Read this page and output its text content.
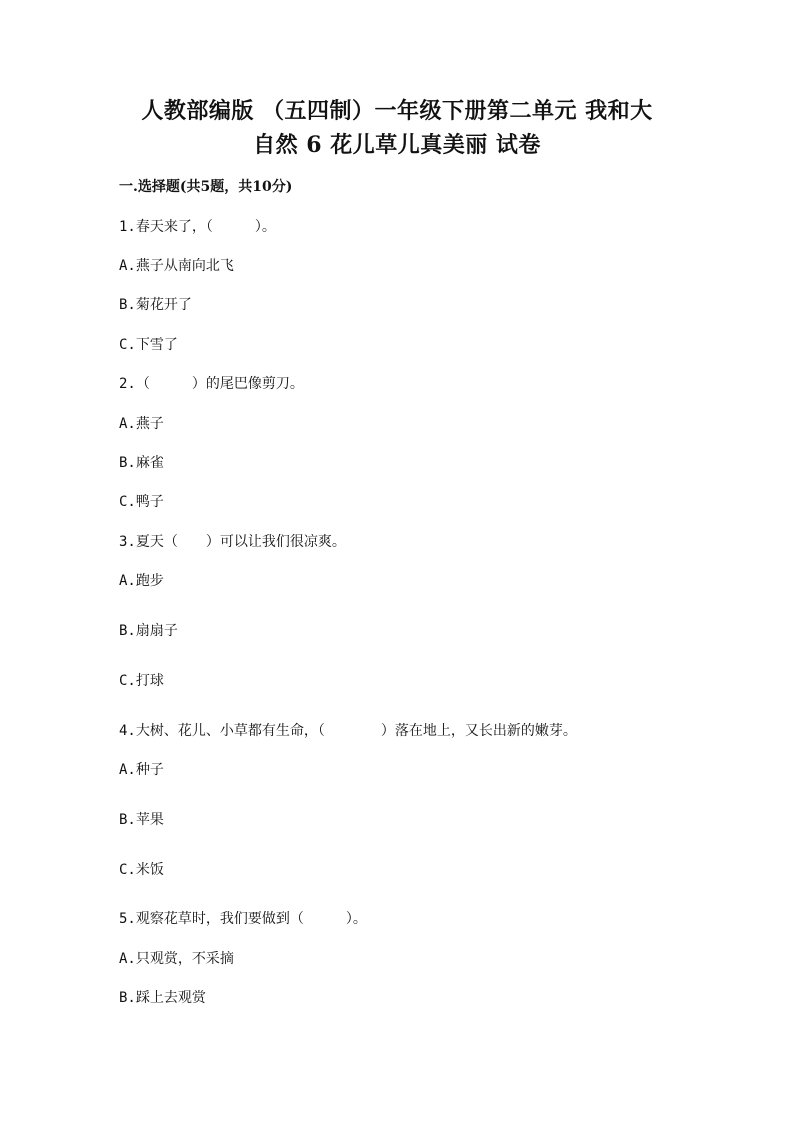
人教部编版 （五四制）一年级下册第二单元 我和大
自然 6 花儿草儿真美丽 试卷
一.选择题(共5题，共10分)
1.春天来了，（　　　）。
A.燕子从南向北飞
B.菊花开了
C.下雪了
2.（　　　）的尾巴像剪刀。
A.燕子
B.麻雀
C.鸭子
3.夏天（　　）可以让我们很凉爽。
A.跑步
B.扇扇子
C.打球
4.大树、花儿、小草都有生命，（　　　　）落在地上，又长出新的嫩芽。
A.种子
B.苹果
C.米饭
5.观察花草时，我们要做到（　　　）。
A.只观赏，不采摘
B.踩上去观赏
